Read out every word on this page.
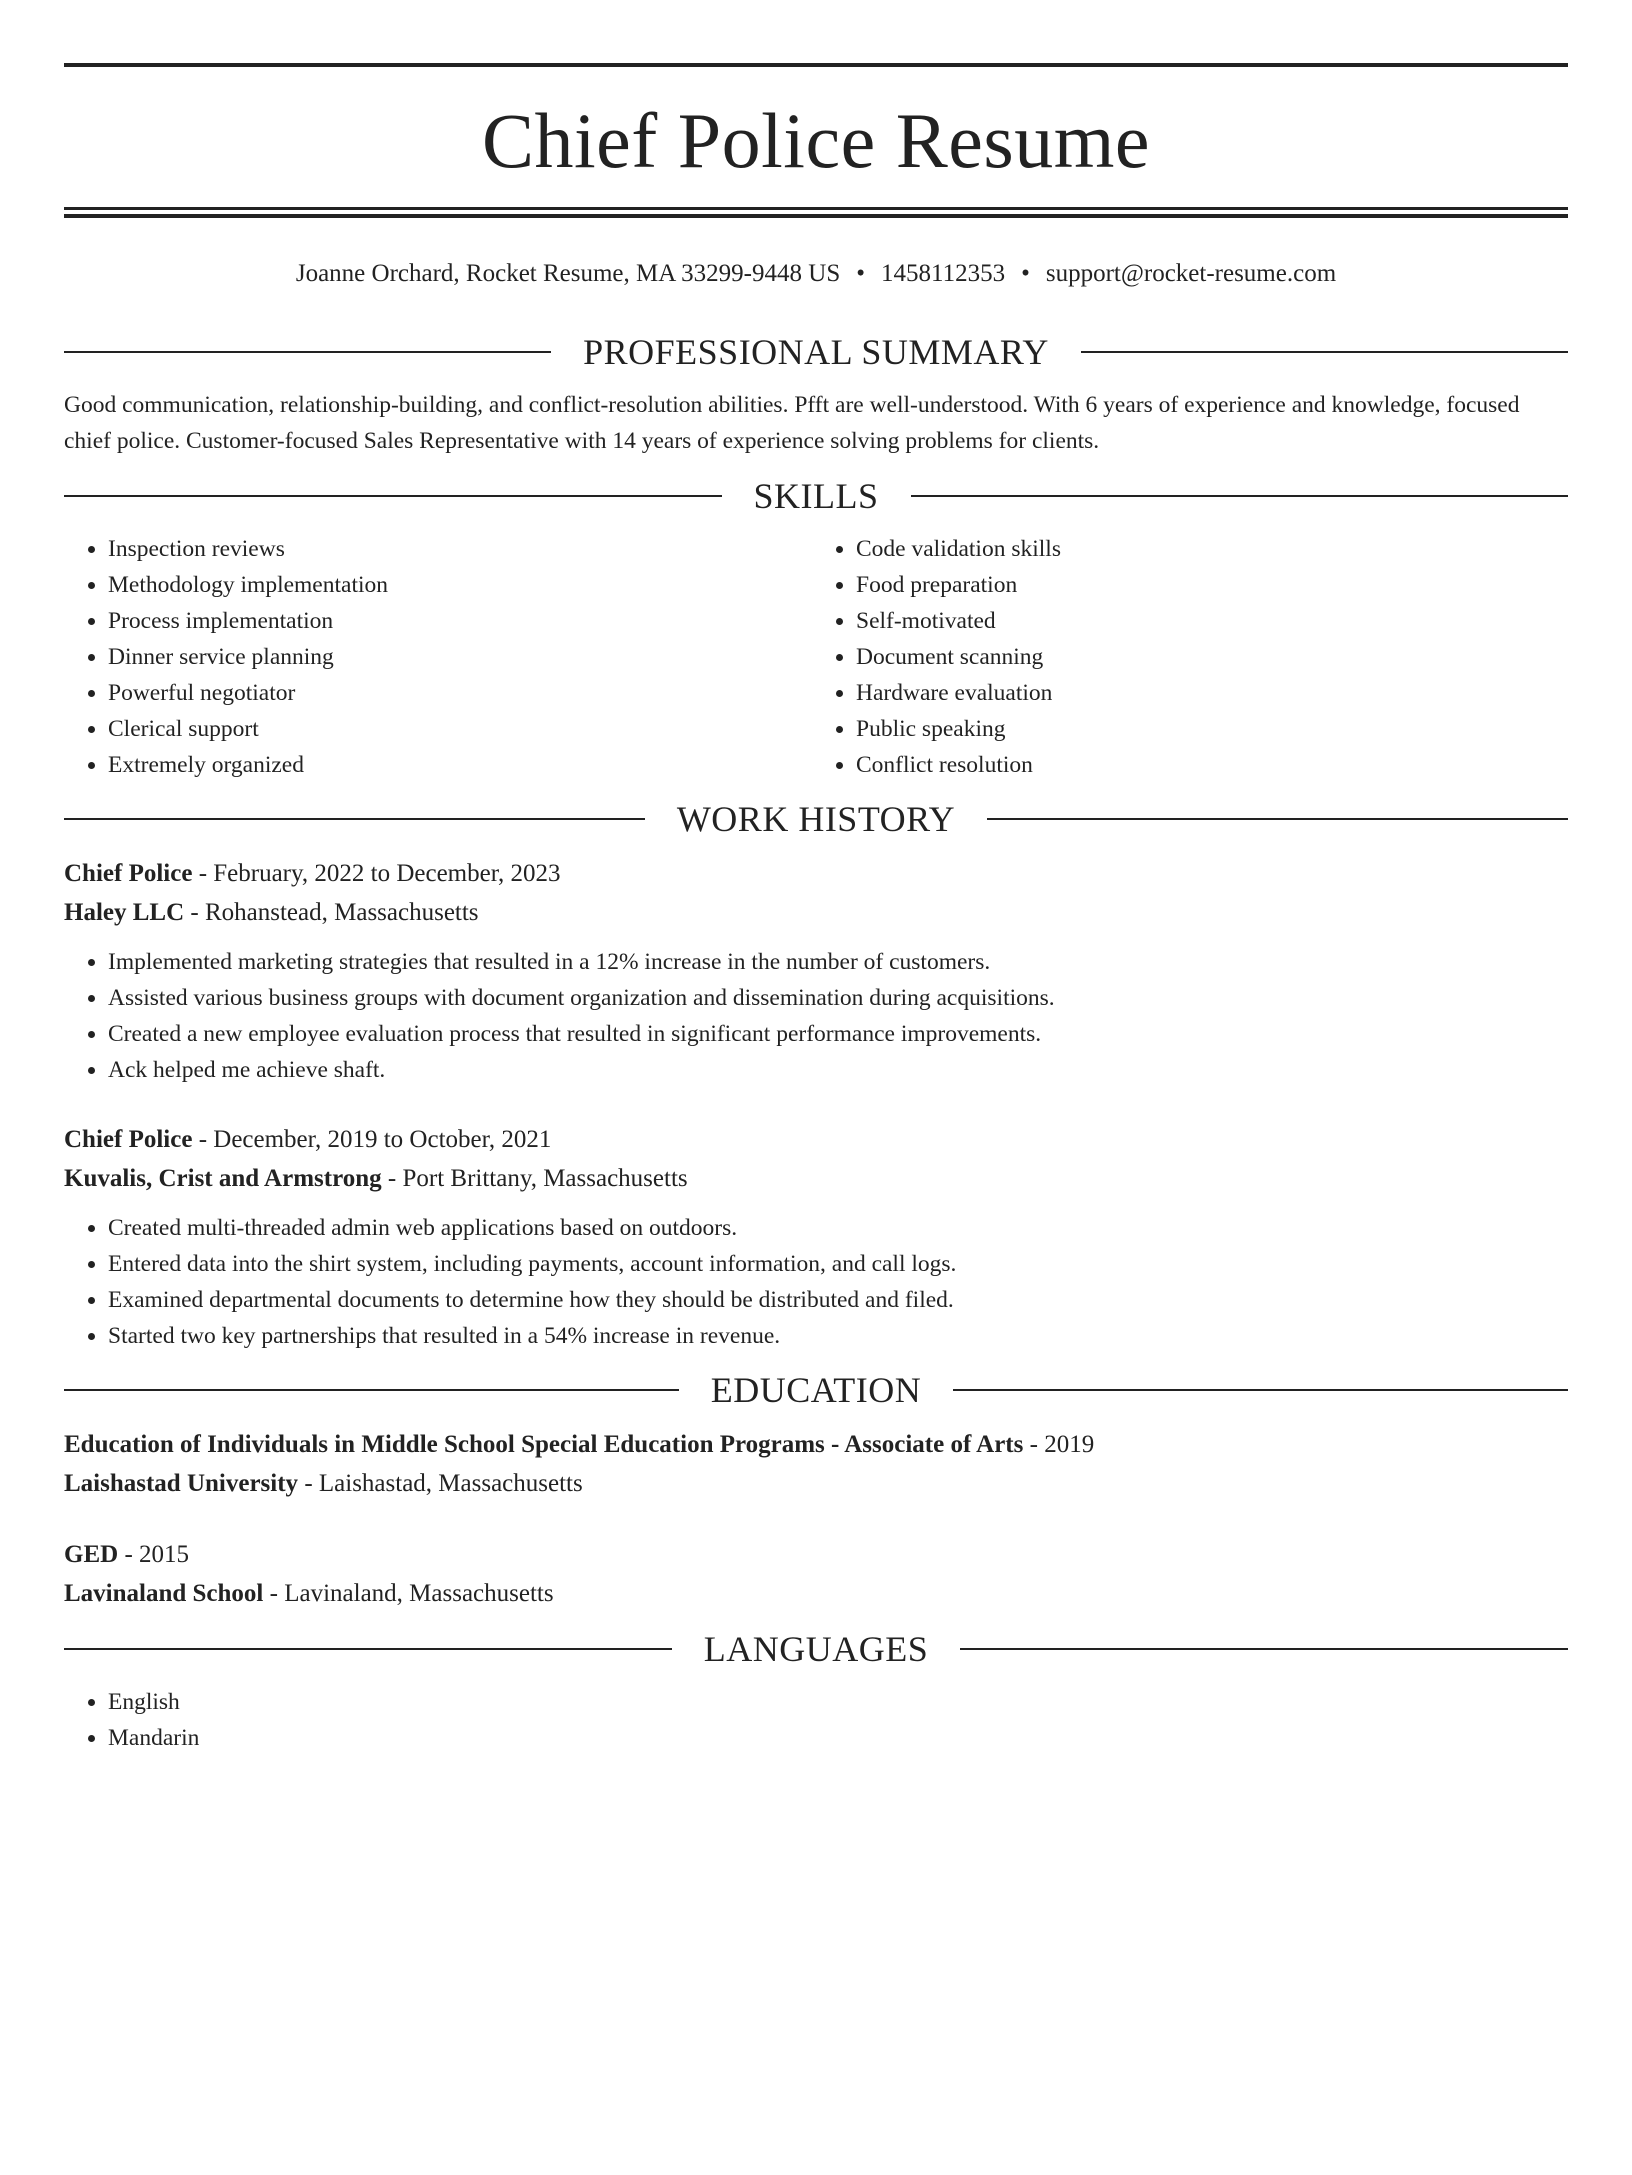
Chief Police Resume
Joanne Orchard, Rocket Resume, MA 33299-9448 US • 1458112353 • support@rocket-resume.com
PROFESSIONAL SUMMARY

Good communication, relationship-building, and conflict-resolution abilities. Pfft are well-understood. With 6 years of experience and knowledge, focused chief police. Customer-focused Sales Representative with 14 years of experience solving problems for clients.

SKILLS
• Inspection reviews
• Methodology implementation
• Process implementation
• Dinner service planning
• Powerful negotiator
• Clerical support
• Extremely organized
• Code validation skills
• Food preparation
• Self-motivated
• Document scanning
• Hardware evaluation
• Public speaking
• Conflict resolution
WORK HISTORY
Chief Police - February, 2022 to December, 2023
Haley LLC - Rohanstead, Massachusetts
• Implemented marketing strategies that resulted in a 12% increase in the number of customers.
• Assisted various business groups with document organization and dissemination during acquisitions.
• Created a new employee evaluation process that resulted in significant performance improvements.
• Ack helped me achieve shaft.
Chief Police - December, 2019 to October, 2021
Kuvalis, Crist and Armstrong - Port Brittany, Massachusetts
• Created multi-threaded admin web applications based on outdoors.
• Entered data into the shirt system, including payments, account information, and call logs.
• Examined departmental documents to determine how they should be distributed and filed.
• Started two key partnerships that resulted in a 54% increase in revenue.
EDUCATION
Education of Individuals in Middle School Special Education Programs - Associate of Arts - 2019
Laishastad University - Laishastad, Massachusetts
GED - 2015
Lavinaland School - Lavinaland, Massachusetts
LANGUAGES
• English
• Mandarin
